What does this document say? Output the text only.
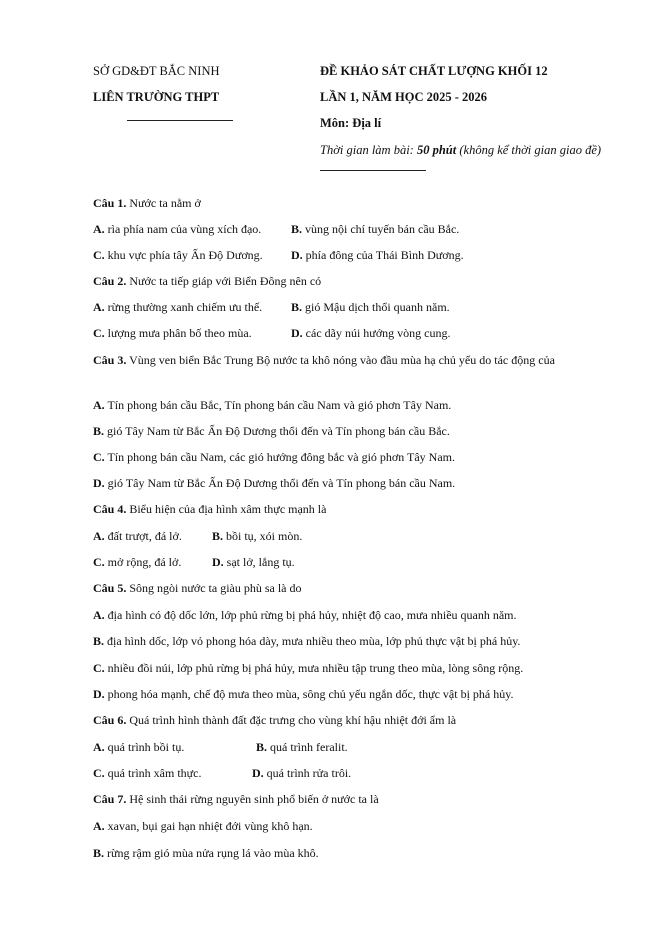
SỞ GD&ĐT BẮC NINH
LIÊN TRƯỜNG THPT
ĐỀ KHẢO SÁT CHẤT LƯỢNG KHỐI 12
LẦN 1, NĂM HỌC 2025 - 2026
Môn: Địa lí
Thời gian làm bài: 50 phút (không kể thời gian giao đề)
Câu 1. Nước ta nằm ở
A. rìa phía nam của vùng xích đạo. B. vùng nội chí tuyến bán cầu Bắc.
C. khu vực phía tây Ấn Độ Dương. D. phía đông của Thái Bình Dương.
Câu 2. Nước ta tiếp giáp với Biển Đông nên có
A. rừng thường xanh chiếm ưu thế. B. gió Mậu dịch thổi quanh năm.
C. lượng mưa phân bố theo mùa.	D. các dãy núi hướng vòng cung.
Câu 3. Vùng ven biển Bắc Trung Bộ nước ta khô nóng vào đầu mùa hạ chủ yếu do tác động của
A. Tín phong bán cầu Bắc, Tín phong bán cầu Nam và gió phơn Tây Nam.
B. gió Tây Nam từ Bắc Ấn Độ Dương thổi đến và Tín phong bán cầu Bắc.
C. Tín phong bán cầu Nam, các gió hướng đông bắc và gió phơn Tây Nam.
D. gió Tây Nam từ Bắc Ấn Độ Dương thổi đến và Tín phong bán cầu Nam.
Câu 4. Biểu hiện của địa hình xâm thực mạnh là
A. đất trượt, đá lở.	B. bồi tụ, xói mòn.
C. mở rộng, đá lở.	D. sạt lở, lắng tụ.
Câu 5. Sông ngòi nước ta giàu phù sa là do
A. địa hình có độ dốc lớn, lớp phủ rừng bị phá hủy, nhiệt độ cao, mưa nhiều quanh năm.
B. địa hình dốc, lớp vỏ phong hóa dày, mưa nhiều theo mùa, lớp phủ thực vật bị phá hủy.
C. nhiều đồi núi, lớp phủ rừng bị phá hủy, mưa nhiều tập trung theo mùa, lòng sông rộng.
D. phong hóa mạnh, chế độ mưa theo mùa, sông chủ yếu ngắn dốc, thực vật bị phá hủy.
Câu 6. Quá trình hình thành đất đặc trưng cho vùng khí hậu nhiệt đới ẩm là
A. quá trình bồi tụ.	B. quá trình feralit.
C. quá trình xâm thực.	D. quá trình rửa trôi.
Câu 7. Hệ sinh thái rừng nguyên sinh phổ biến ở nước ta là
A. xavan, bụi gai hạn nhiệt đới vùng khô hạn.
B. rừng rậm gió mùa nửa rụng lá vào mùa khô.
